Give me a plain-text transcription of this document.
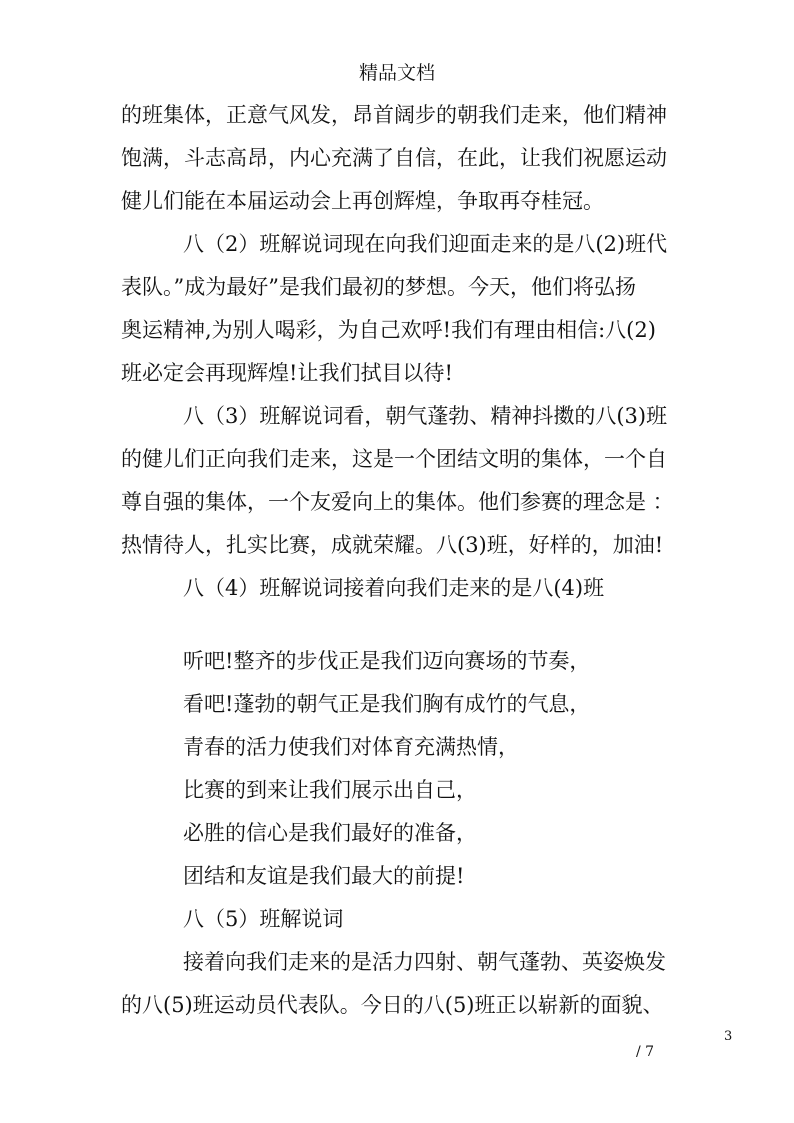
精品文档
的班集体，正意气风发，昂首阔步的朝我们走来，他们精神
饱满，斗志高昂，内心充满了自信，在此，让我们祝愿运动
健儿们能在本届运动会上再创辉煌，争取再夺桂冠。
八（2）班解说词现在向我们迎面走来的是八(2)班代
表队。”成为最好”是我们最初的梦想。今天，他们将弘扬
奥运精神,为别人喝彩，为自己欢呼!我们有理由相信:八(2)
班必定会再现辉煌!让我们拭目以待!
八（3）班解说词看，朝气蓬勃、精神抖擞的八(3)班
的健儿们正向我们走来，这是一个团结文明的集体，一个自
尊自强的集体，一个友爱向上的集体。他们参赛的理念是 ：
热情待人，扎实比赛，成就荣耀。八(3)班，好样的，加油!
八（4）班解说词接着向我们走来的是八(4)班
听吧!整齐的步伐正是我们迈向赛场的节奏，
看吧!蓬勃的朝气正是我们胸有成竹的气息，
青春的活力使我们对体育充满热情，
比赛的到来让我们展示出自己，
必胜的信心是我们最好的准备，
团结和友谊是我们最大的前提!
八（5）班解说词
接着向我们走来的是活力四射、朝气蓬勃、英姿焕发
的八(5)班运动员代表队。今日的八(5)班正以崭新的面貌、
3
/ 7
